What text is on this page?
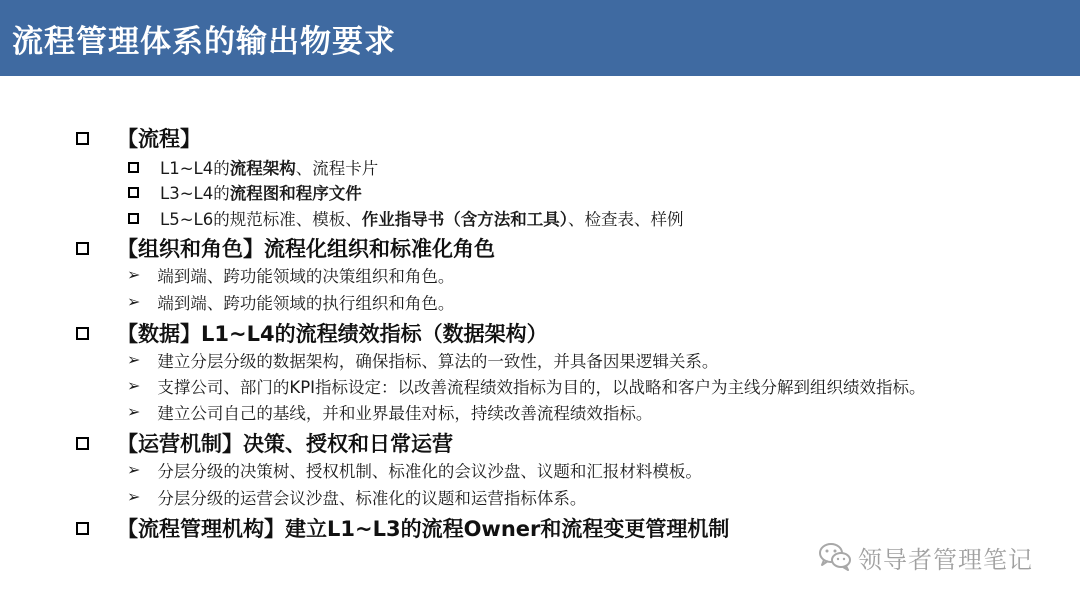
流程管理体系的输出物要求
【流程】
L1~L4的流程架构、流程卡片
L3~L4的流程图和程序文件
L5~L6的规范标准、模板、作业指导书（含方法和工具）、检查表、样例
【组织和角色】流程化组织和标准化角色
➢ 端到端、跨功能领域的决策组织和角色。
➢ 端到端、跨功能领域的执行组织和角色。
【数据】L1~L4的流程绩效指标（数据架构）
➢ 建立分层分级的数据架构，确保指标、算法的一致性，并具备因果逻辑关系。
➢ 支撑公司、部门的KPI指标设定：以改善流程绩效指标为目的，以战略和客户为主线分解到组织绩效指标。
➢ 建立公司自己的基线，并和业界最佳对标，持续改善流程绩效指标。
【运营机制】决策、授权和日常运营
➢ 分层分级的决策树、授权机制、标准化的会议沙盘、议题和汇报材料模板。
➢ 分层分级的运营会议沙盘、标准化的议题和运营指标体系。
【流程管理机构】建立L1~L3的流程Owner和流程变更管理机制
领导者管理笔记
